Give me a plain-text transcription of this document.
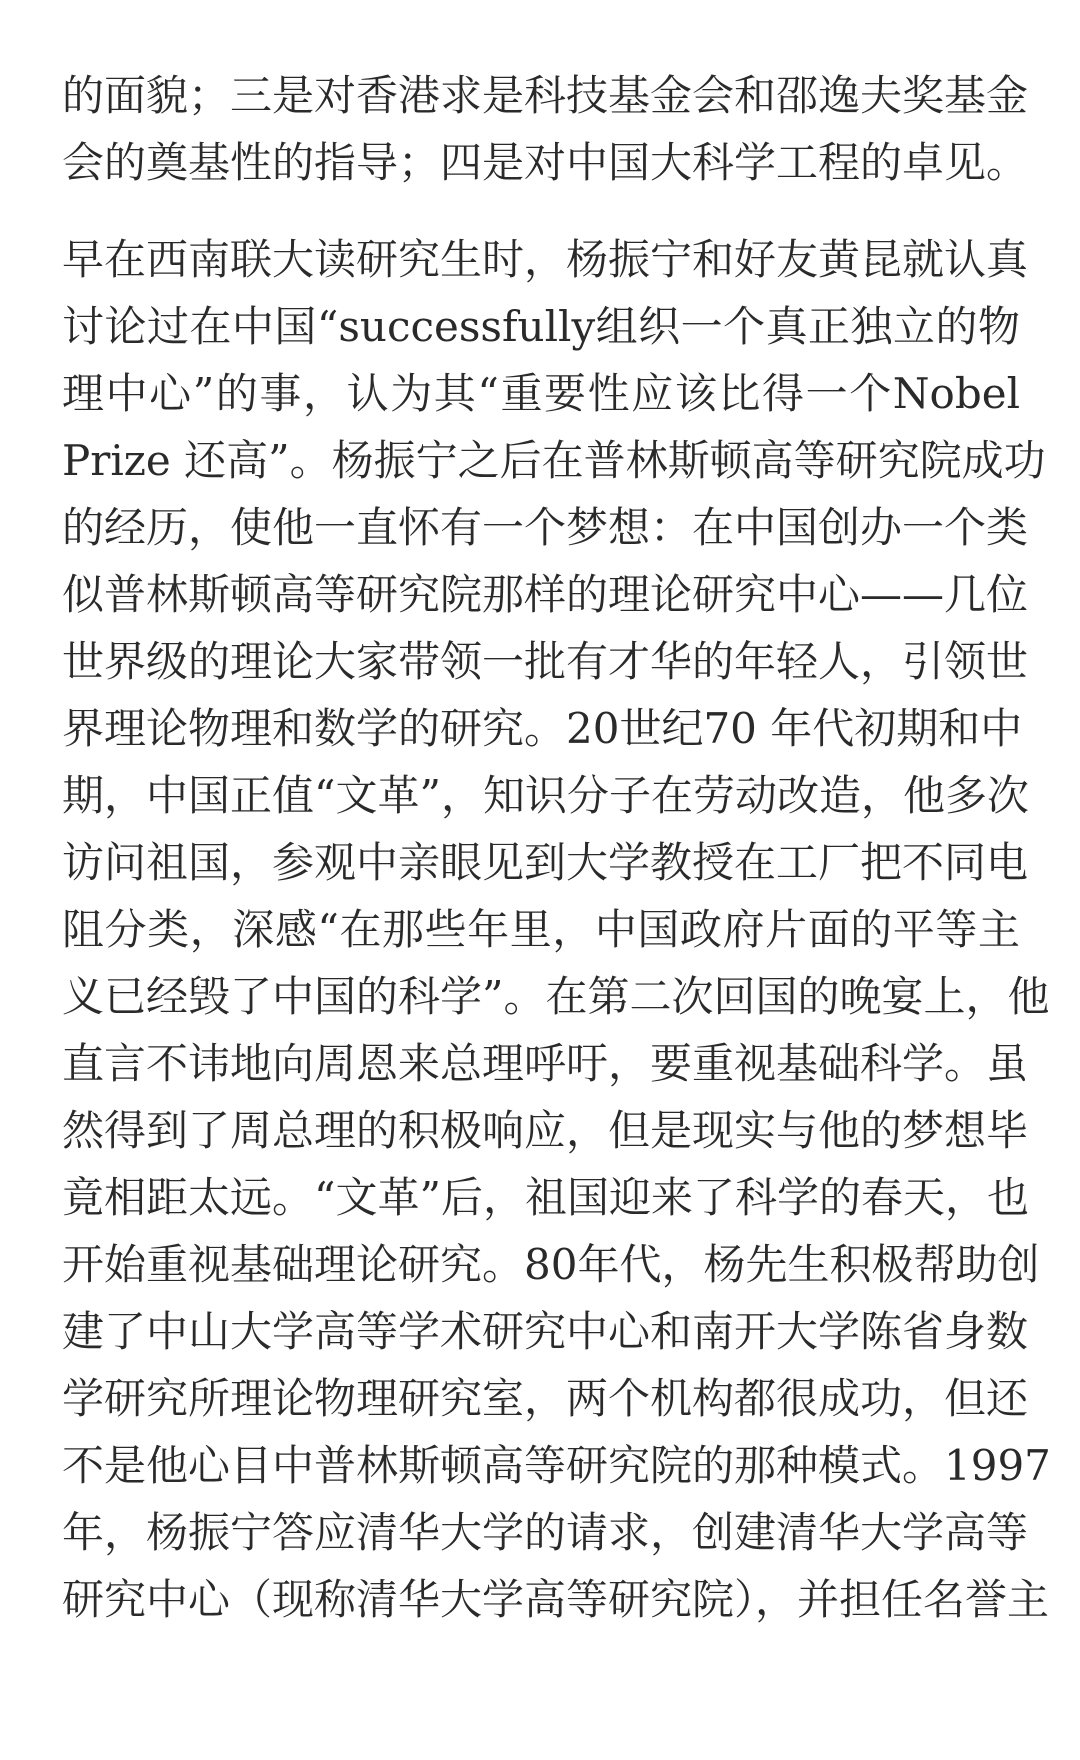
的面貌；三是对香港求是科技基金会和邵逸夫奖基金
会的奠基性的指导；四是对中国大科学工程的卓见。
早在西南联大读研究生时，杨振宁和好友黄昆就认真
讨论过在中国“successfully组织一个真正独立的物
理中心”的事，认为其“重要性应该比得一个Nobel
Prize 还高”。杨振宁之后在普林斯顿高等研究院成功
的经历，使他一直怀有一个梦想：在中国创办一个类
似普林斯顿高等研究院那样的理论研究中心——几位
世界级的理论大家带领一批有才华的年轻人，引领世
界理论物理和数学的研究。20世纪70 年代初期和中
期，中国正值“文革”，知识分子在劳动改造，他多次
访问祖国，参观中亲眼见到大学教授在工厂把不同电
阻分类，深感“在那些年里，中国政府片面的平等主
义已经毁了中国的科学”。在第二次回国的晚宴上，他
直言不讳地向周恩来总理呼吁，要重视基础科学。虽
然得到了周总理的积极响应，但是现实与他的梦想毕
竟相距太远。“文革”后，祖国迎来了科学的春天，也
开始重视基础理论研究。80年代，杨先生积极帮助创
建了中山大学高等学术研究中心和南开大学陈省身数
学研究所理论物理研究室，两个机构都很成功，但还
不是他心目中普林斯顿高等研究院的那种模式。1997
年，杨振宁答应清华大学的请求，创建清华大学高等
研究中心（现称清华大学高等研究院），并担任名誉主
